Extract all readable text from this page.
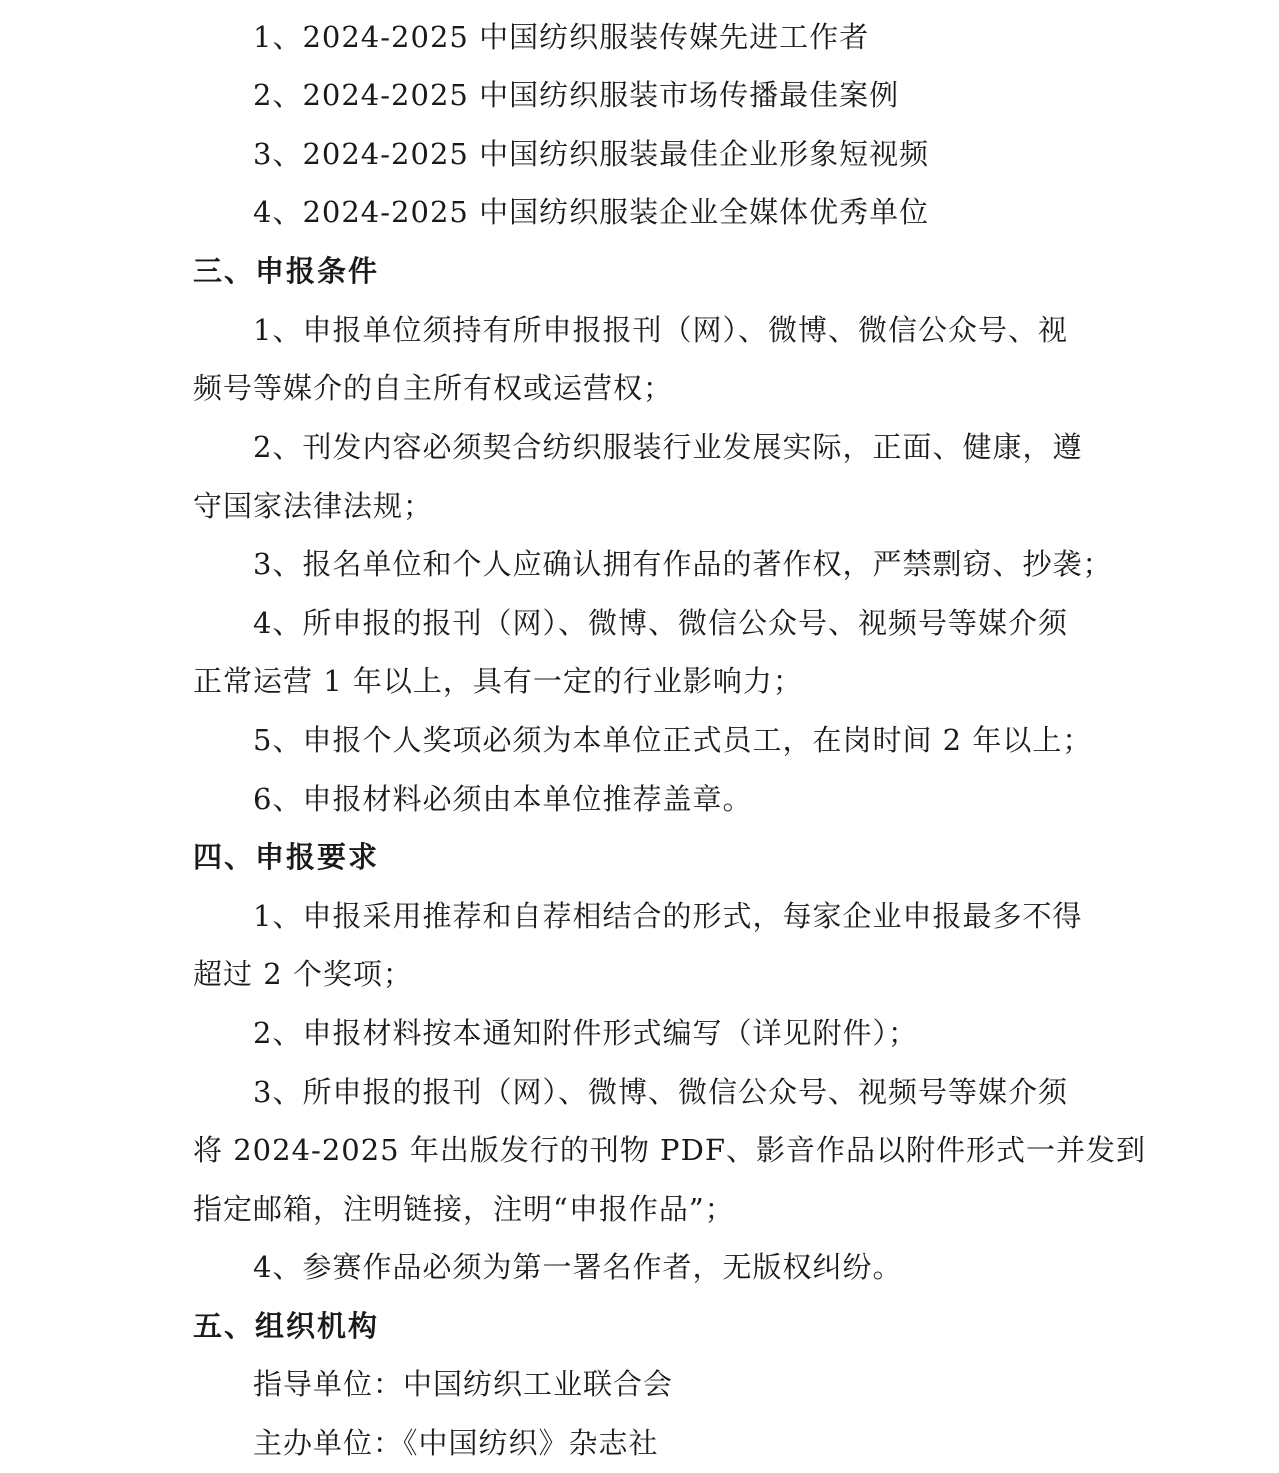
1、2024-2025 中国纺织服装传媒先进工作者
2、2024-2025 中国纺织服装市场传播最佳案例
3、2024-2025 中国纺织服装最佳企业形象短视频
4、2024-2025 中国纺织服装企业全媒体优秀单位
三、申报条件
1、申报单位须持有所申报报刊（网）、微博、微信公众号、视
频号等媒介的自主所有权或运营权；
2、刊发内容必须契合纺织服装行业发展实际，正面、健康，遵
守国家法律法规；
3、报名单位和个人应确认拥有作品的著作权，严禁剽窃、抄袭；
4、所申报的报刊（网）、微博、微信公众号、视频号等媒介须
正常运营 1 年以上，具有一定的行业影响力；
5、申报个人奖项必须为本单位正式员工，在岗时间 2 年以上；
6、申报材料必须由本单位推荐盖章。
四、申报要求
1、申报采用推荐和自荐相结合的形式，每家企业申报最多不得
超过 2 个奖项；
2、申报材料按本通知附件形式编写（详见附件）；
3、所申报的报刊（网）、微博、微信公众号、视频号等媒介须
将 2024-2025 年出版发行的刊物 PDF、影音作品以附件形式一并发到
指定邮箱，注明链接，注明“申报作品”；
4、参赛作品必须为第一署名作者，无版权纠纷。
五、组织机构
指导单位：中国纺织工业联合会
主办单位：《中国纺织》杂志社
